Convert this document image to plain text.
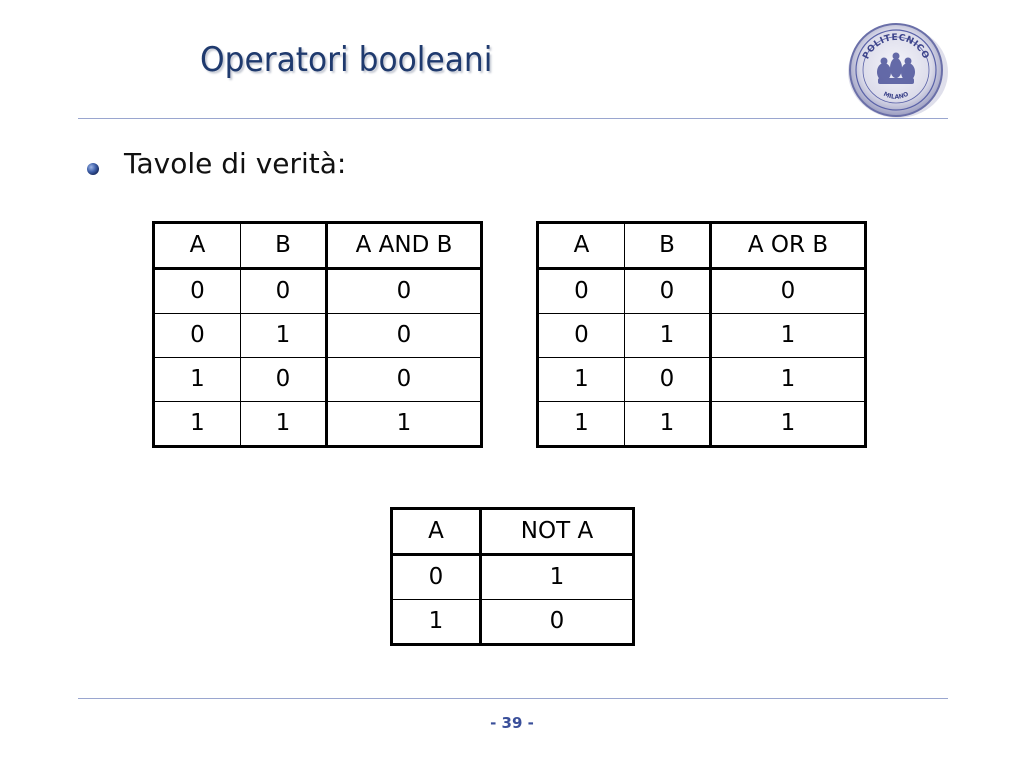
Operatori booleani	POLITECNICO
MILANO

Tavole di verità:

A	B	A AND B
0	0	0
0	1	0
1	0	0
1	1	1
A	B	A OR B
0	0	0
0	1	1
1	0	1
1	1	1
A	NOT A
0	1
1	0

- 39 -
